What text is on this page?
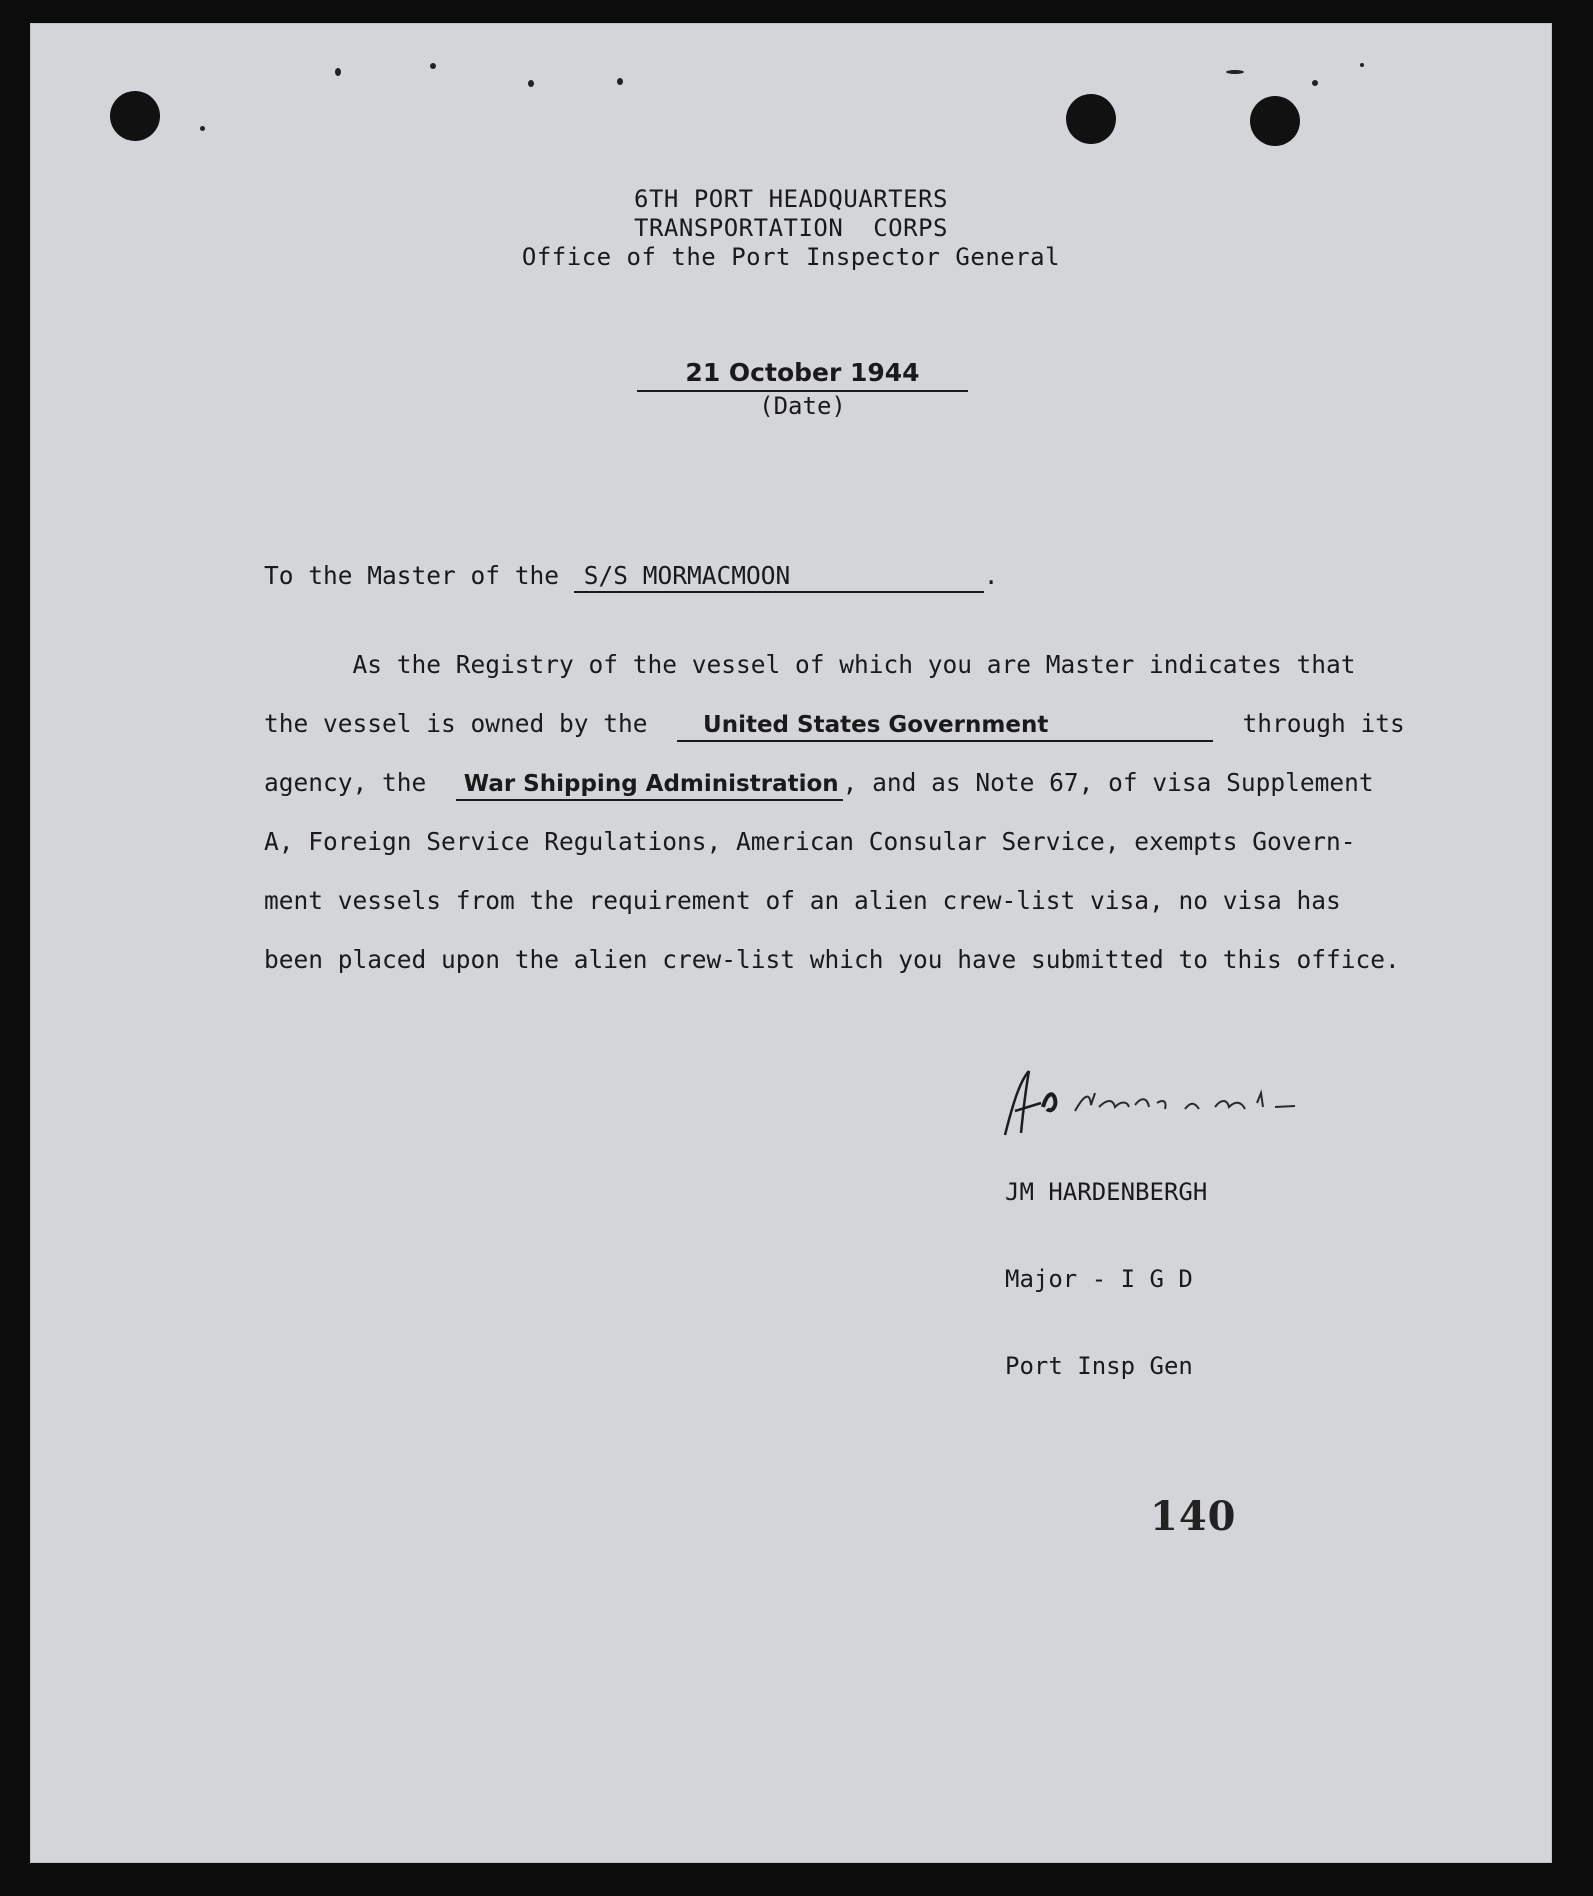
6TH PORT HEADQUARTERS
TRANSPORTATION  CORPS
Office of the Port Inspector General
21 October 1944
(Date)
To the Master of the S/S MORMACMOON	.
As the Registry of the vessel of which you are Master indicates that
the vessel is owned by the  United States Government	through its
agency, the  War Shipping Administration , and as Note 67, of visa Supplement
A, Foreign Service Regulations, American Consular Service, exempts Govern-
ment vessels from the requirement of an alien crew-list visa, no visa has
been placed upon the alien crew-list which you have submitted to this office.

JM HARDENBERGH

Major - I G D

Port Insp Gen

140
